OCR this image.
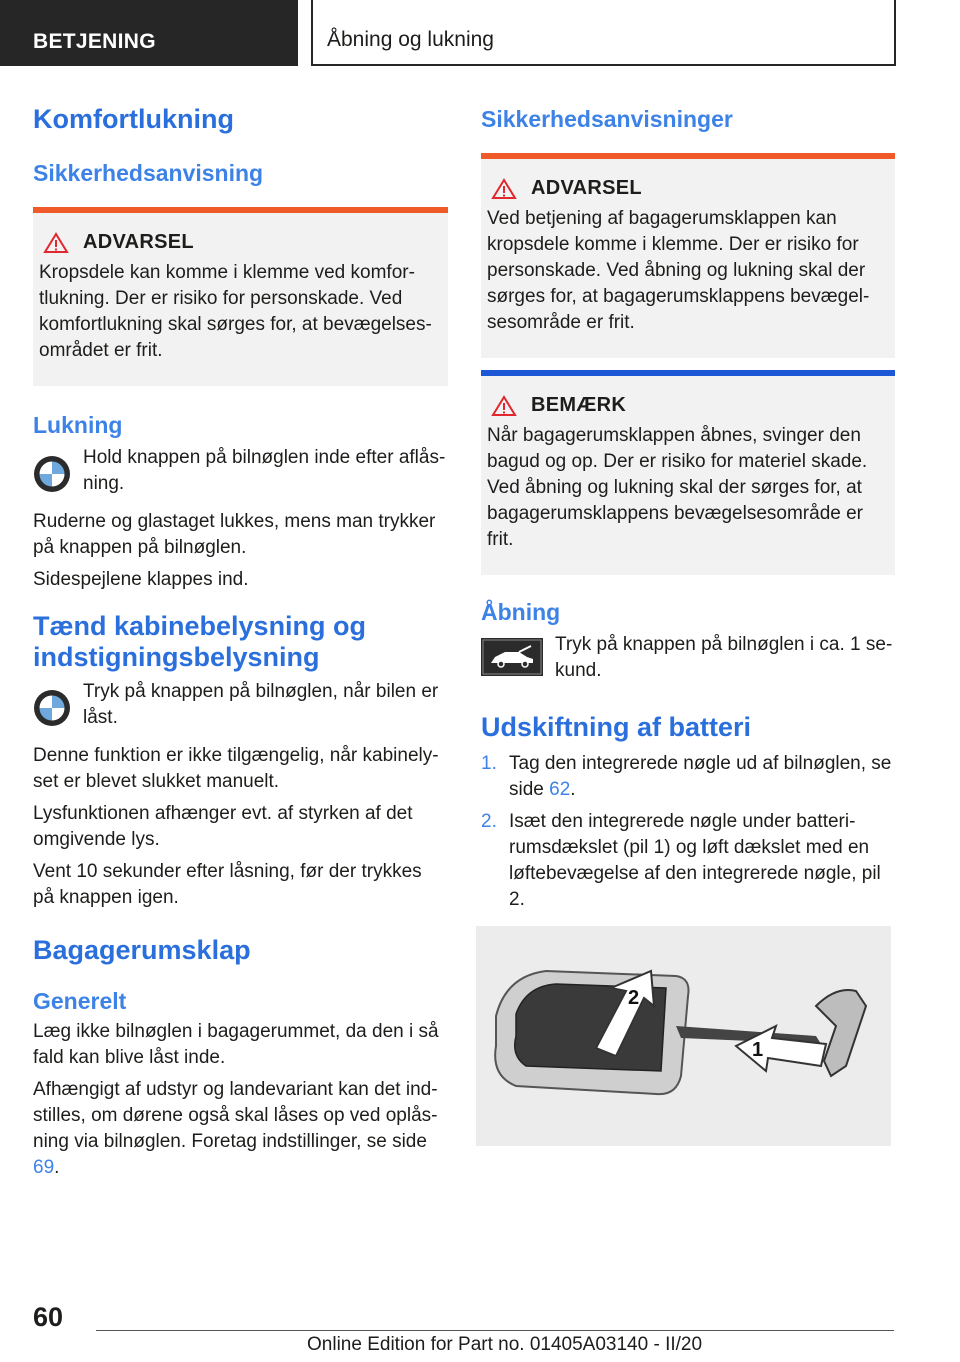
BETJENING	Åbning og lukning
Komfortlukning
Sikkerhedsanvisning
ADVARSEL

Kropsdele kan komme i klemme ved komfortlukning. Der er risiko for personskade. Ved komfortlukning skal sørges for, at bevægelsesområdet er frit.

Lukning

Hold knappen på bilnøglen inde efter aflåsning.

Ruderne og glastaget lukkes, mens man trykker på knappen på bilnøglen.

Sidespejlene klappes ind.

Tænd kabinebelysning og indstigningsbelysning

Tryk på knappen på bilnøglen, når bilen er låst.

Denne funktion er ikke tilgængelig, når kabinelyset er blevet slukket manuelt.

Lysfunktionen afhænger evt. af styrken af det omgivende lys.

Vent 10 sekunder efter låsning, før der trykkes på knappen igen.

Bagagerumsklap
Generelt

Læg ikke bilnøglen i bagagerummet, da den i så fald kan blive låst inde.

Afhængigt af udstyr og landevariant kan det indstilles, om dørene også skal låses op ved oplåsning via bilnøglen. Foretag indstillinger, se side 69.

Sikkerhedsanvisninger
ADVARSEL

Ved betjening af bagagerumsklappen kan kropsdele komme i klemme. Der er risiko for personskade. Ved åbning og lukning skal der sørges for, at bagagerumsklappens bevægelsesområde er frit.

BEMÆRK

Når bagagerumsklappen åbnes, svinger den bagud og op. Der er risiko for materiel skade. Ved åbning og lukning skal der sørges for, at bagagerumsklappens bevægelsesområde er frit.

Åbning

Tryk på knappen på bilnøglen i ca. 1 sekund.

Udskiftning af batteri
1. Tag den integrerede nøgle ud af bilnøglen, se side 62.
2. Isæt den integrerede nøgle under batterirumsdækslet (pil 1) og løft dækslet med en løftebevægelse af den integrerede nøgle, pil 2.
2
1
60
Online Edition for Part no. 01405A03140 - II/20
